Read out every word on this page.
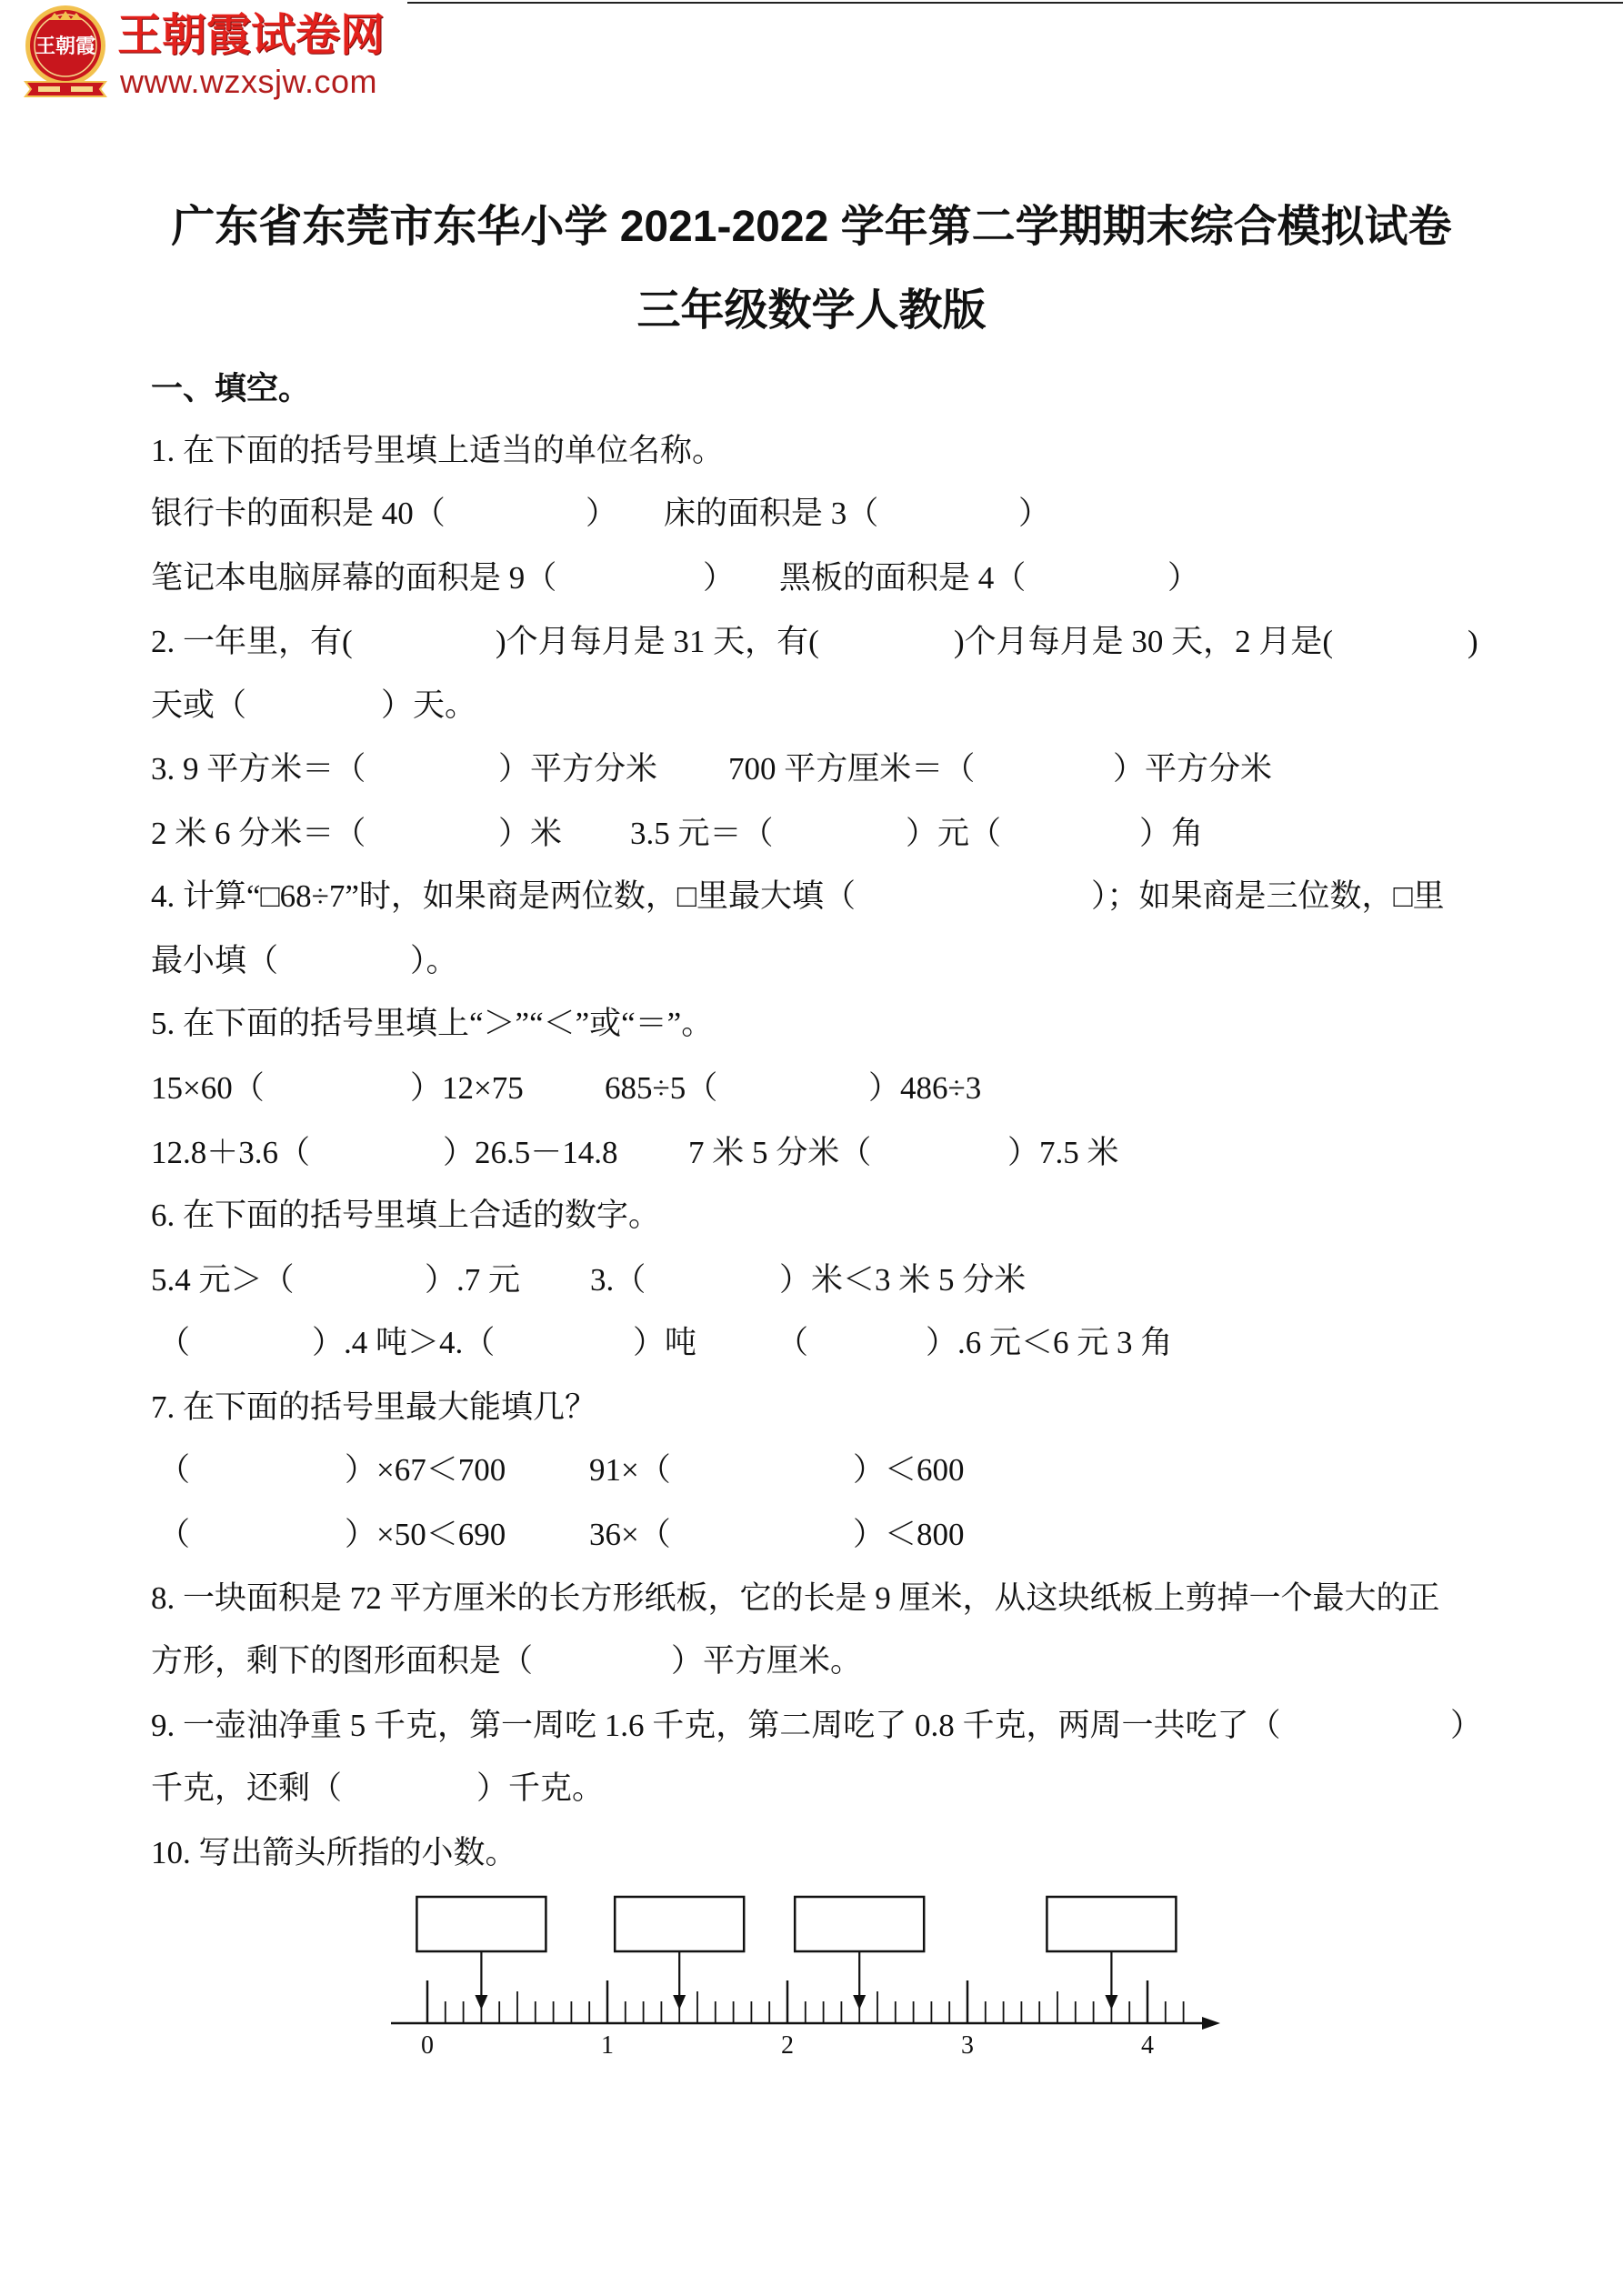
王朝霞 王朝霞试卷网
www.wzxsjw.com
广东省东莞市东华小学 2021-2022 学年第二学期期末综合模拟试卷
三年级数学人教版
一、填空。
1. 在下面的括号里填上适当的单位名称。
银行卡的面积是 40（	） 床的面积是 3（	）
笔记本电脑屏幕的面积是 9（	） 黑板的面积是 4（	）
2. 一年里，有(	)个月每月是 31 天，有(	)个月每月是 30 天，2 月是(	)
天或（	）天。
3. 9 平方米＝（	）平方分米 700 平方厘米＝（	）平方分米
2 米 6 分米＝（	）米 3.5 元＝（	）元（	）角
4. 计算“□68÷7”时，如果商是两位数，□里最大填（	）；如果商是三位数，□里
最小填（	）。
5. 在下面的括号里填上“＞”“＜”或“＝”。
15×60（	）12×75	685÷5（	）486÷3
12.8＋3.6（	）26.5－14.8 7 米 5 分米（	）7.5 米
6. 在下面的括号里填上合适的数字。
5.4 元＞（	）.7 元 3.（	）米＜3 米 5 分米
（	）.4 吨＞4.（	）吨	（	）.6 元＜6 元 3 角
7. 在下面的括号里最大能填几？
（	）×67＜700	91×（	）＜600
（	）×50＜690	36×（	）＜800
8. 一块面积是 72 平方厘米的长方形纸板，它的长是 9 厘米，从这块纸板上剪掉一个最大的正
方形，剩下的图形面积是（	）平方厘米。
9. 一壶油净重 5 千克，第一周吃 1.6 千克，第二周吃了 0.8 千克，两周一共吃了（	）
千克，还剩（	）千克。
10. 写出箭头所指的小数。
0	1	2	3	4
